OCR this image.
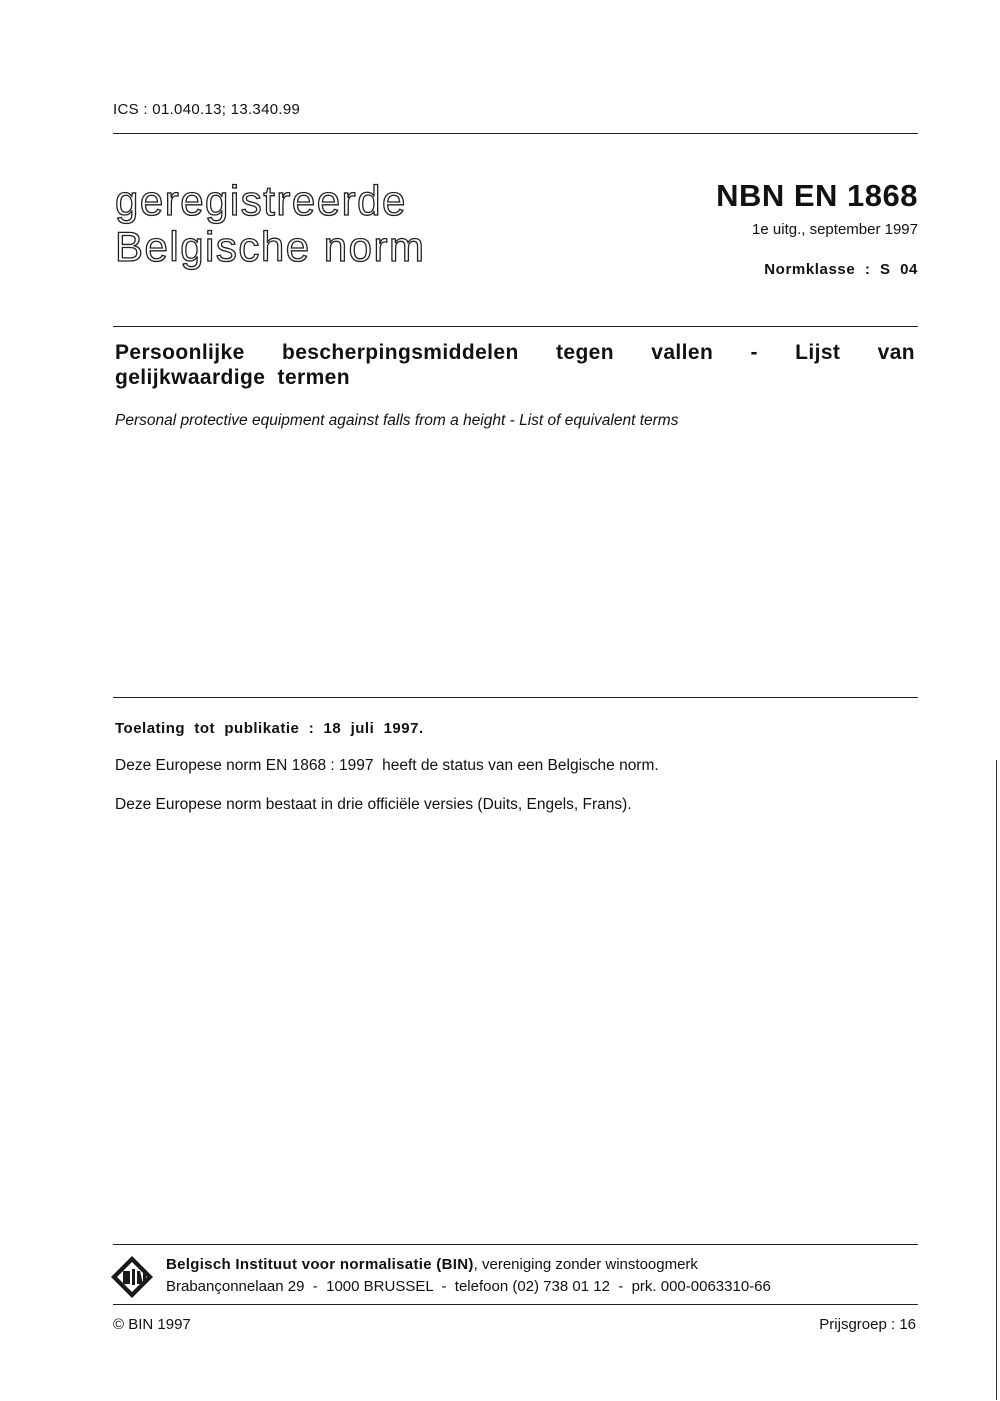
ICS : 01.040.13; 13.340.99
geregistreerde
Belgische norm
NBN EN 1868
1e uitg., september 1997
Normklasse  :  S  04
Persoonlijke bescherpingsmiddelen tegen vallen - Lijst van gelijkwaardige termen
Personal protective equipment against falls from a height - List of equivalent terms
Toelating  tot  publikatie  :  18  juli  1997.
Deze Europese norm EN 1868 : 1997  heeft de status van een Belgische norm.
Deze Europese norm bestaat in drie officiële versies (Duits, Engels, Frans).
Belgisch Instituut voor normalisatie (BIN), vereniging zonder winstoogmerk
Brabançonnelaan 29  -  1000 BRUSSEL  -  telefoon (02) 738 01 12  -  prk. 000-0063310-66
© BIN 1997	Prijsgroep : 16
